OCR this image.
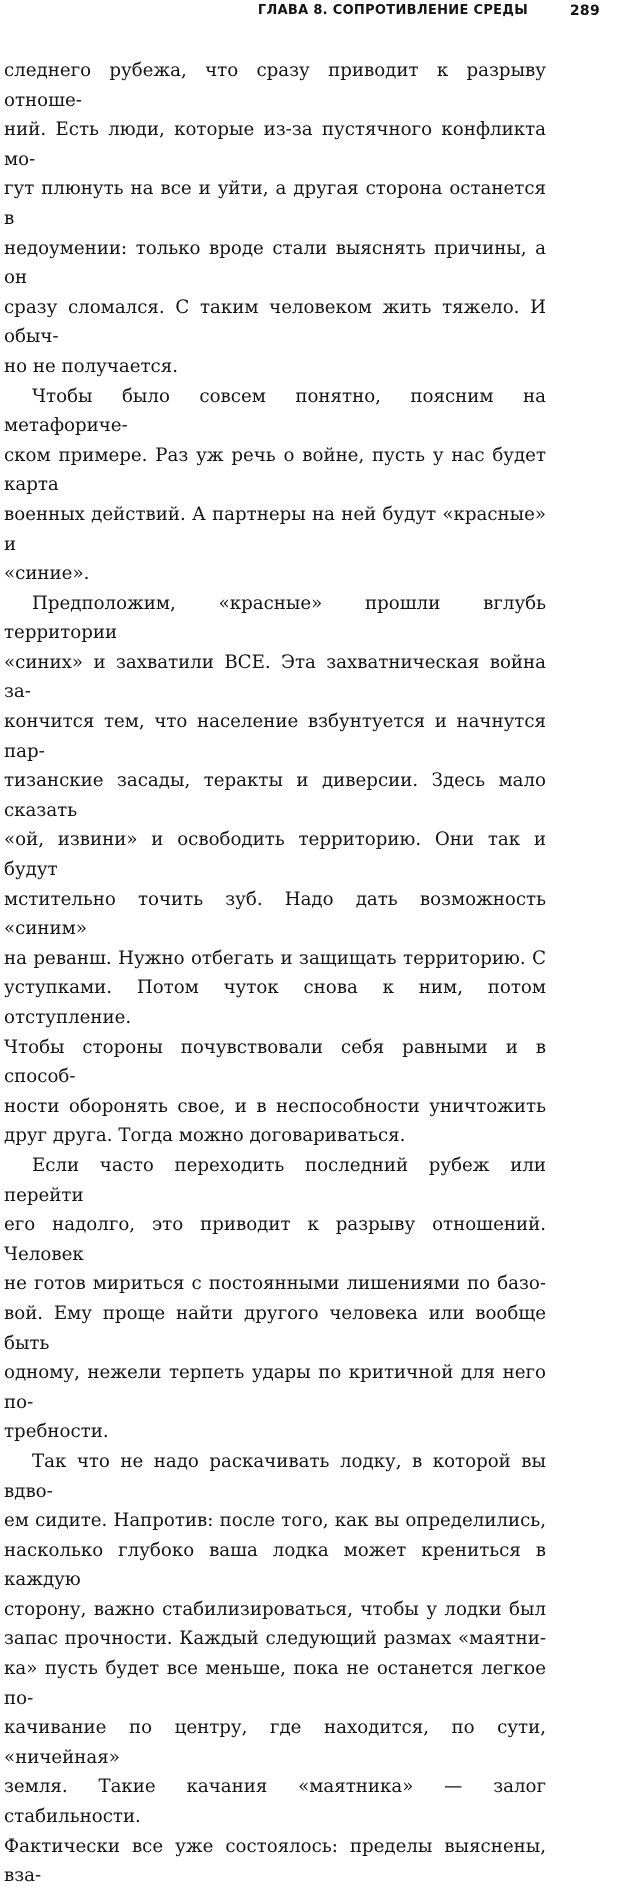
ГЛАВА 8. СОПРОТИВЛЕНИЕ СРЕДЫ	289

следнего рубежа, что сразу приводит к разрыву отноше-

ний. Есть люди, которые из-за пустячного конфликта мо-

гут плюнуть на все и уйти, а другая сторона останется в

недоумении: только вроде стали выяснять причины, а он

сразу сломался. С таким человеком жить тяжело. И обыч-

но не получается.

Чтобы было совсем понятно, поясним на метафориче-

ском примере. Раз уж речь о войне, пусть у нас будет карта

военных действий. А партнеры на ней будут «красные» и

«синие».

Предположим, «красные» прошли вглубь территории

«синих» и захватили ВСЕ. Эта захватническая война за-

кончится тем, что население взбунтуется и начнутся пар-

тизанские засады, теракты и диверсии. Здесь мало сказать

«ой, извини» и освободить территорию. Они так и будут

мстительно точить зуб. Надо дать возможность «синим»

на реванш. Нужно отбегать и защищать территорию. С

уступками. Потом чуток снова к ним, потом отступление.

Чтобы стороны почувствовали себя равными и в способ-

ности оборонять свое, и в неспособности уничтожить

друг друга. Тогда можно договариваться.

Если часто переходить последний рубеж или перейти

его надолго, это приводит к разрыву отношений. Человек

не готов мириться с постоянными лишениями по базо-

вой. Ему проще найти другого человека или вообще быть

одному, нежели терпеть удары по критичной для него по-

требности.

Так что не надо раскачивать лодку, в которой вы вдво-

ем сидите. Напротив: после того, как вы определились,

насколько глубоко ваша лодка может крениться в каждую

сторону, важно стабилизироваться, чтобы у лодки был

запас прочности. Каждый следующий размах «маятни-

ка» пусть будет все меньше, пока не останется легкое по-

качивание по центру, где находится, по сути, «ничейная»

земля. Такие качания «маятника» — залог стабильности.

Фактически все уже состоялось: пределы выяснены, вза-
